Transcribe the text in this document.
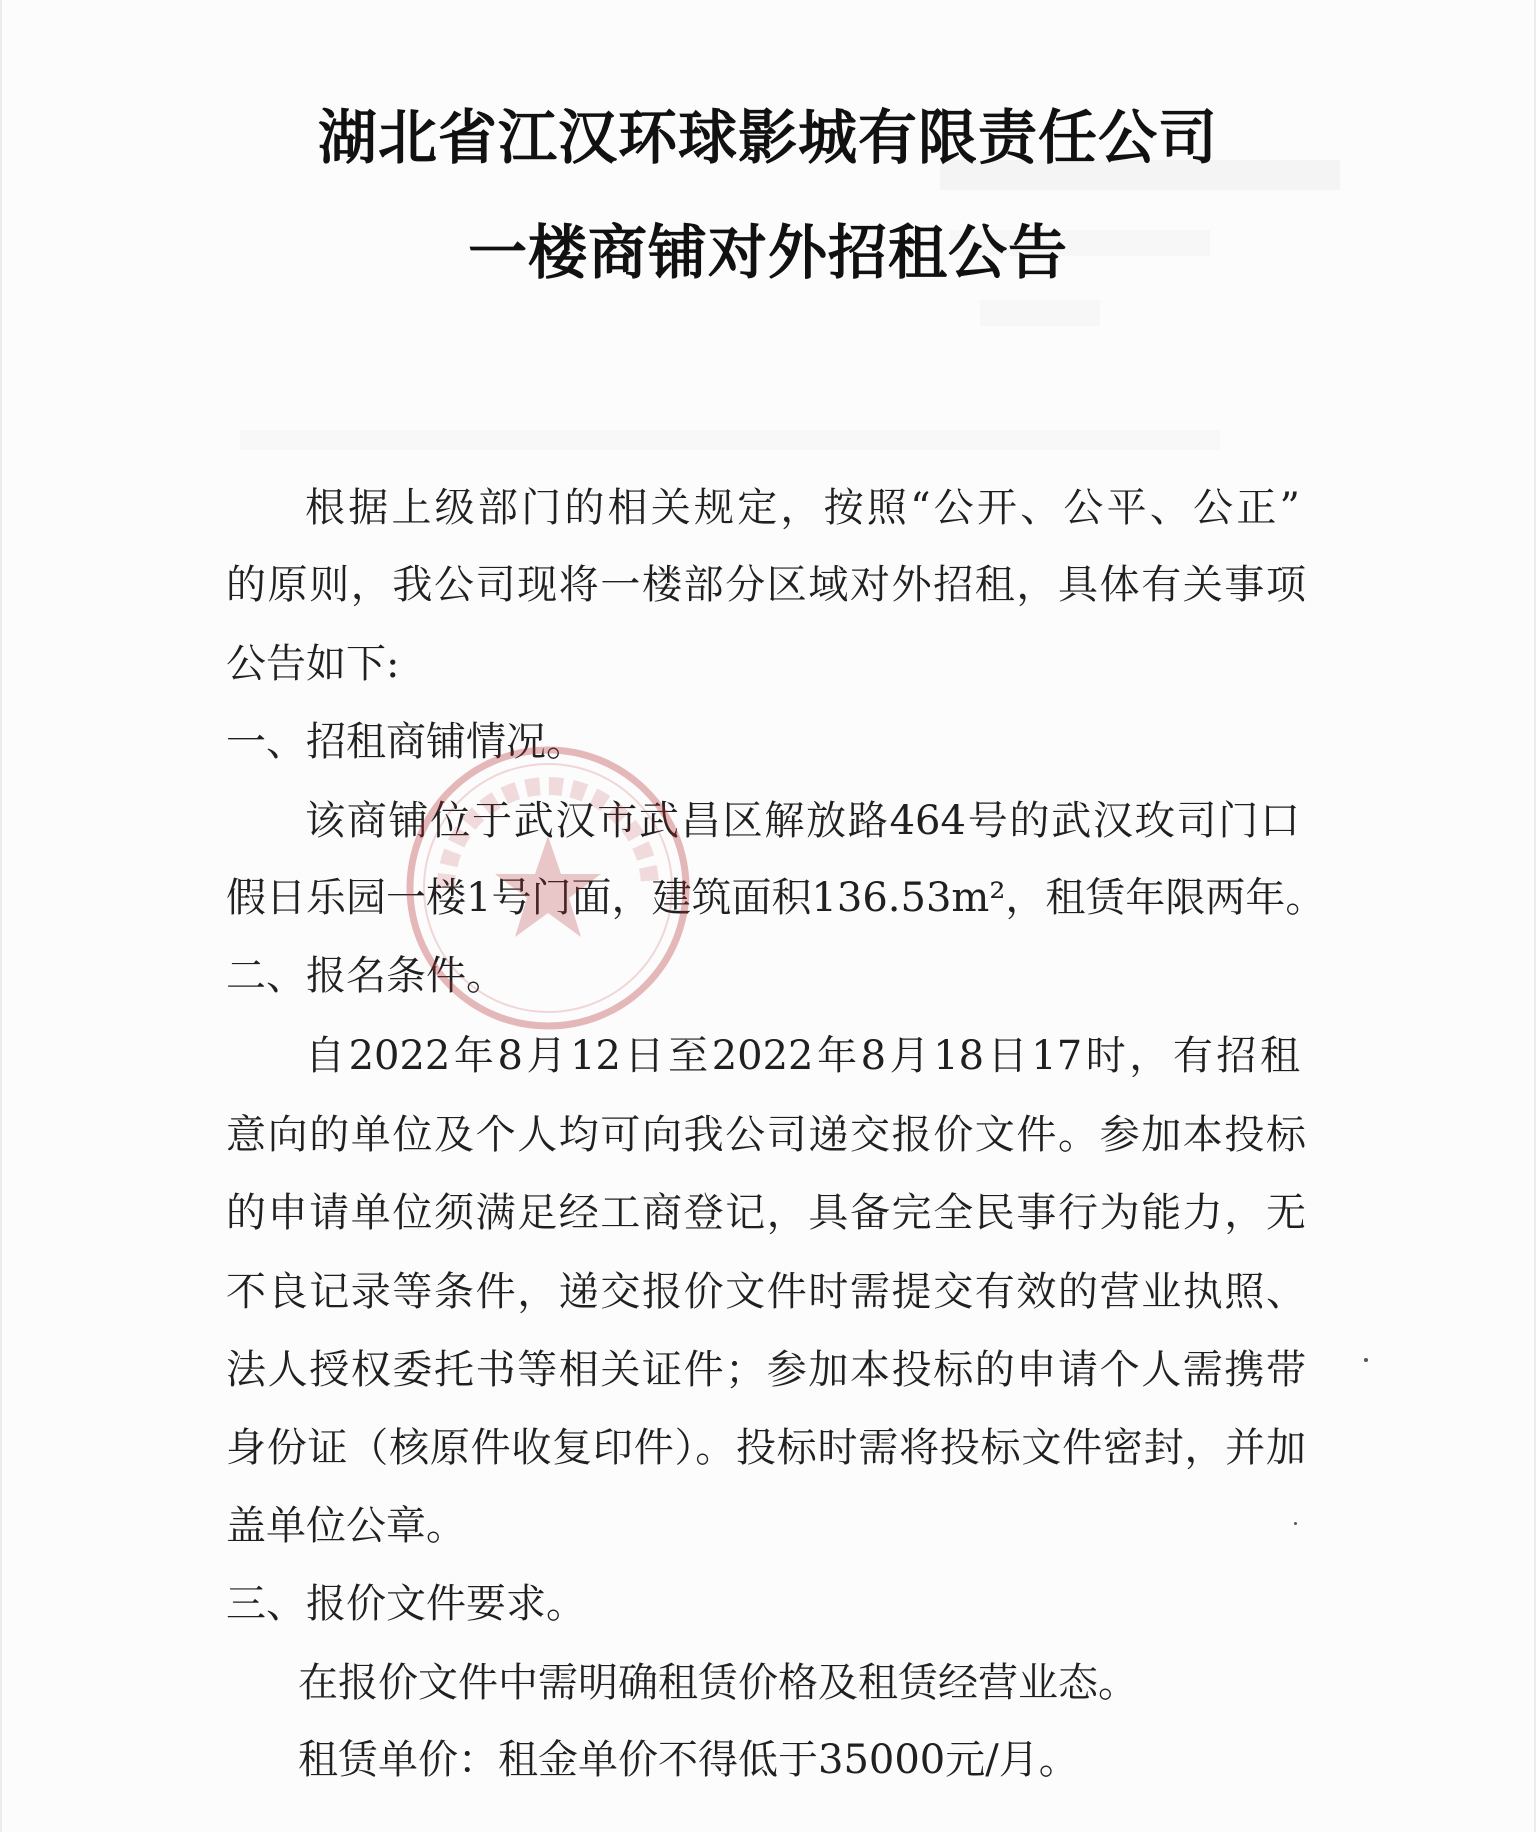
湖北省江汉环球影城有限责任公司
一楼商铺对外招租公告

根据上级部门的相关规定，按照“公开、公平、公正”

的原则，我公司现将一楼部分区域对外招租，具体有关事项

公告如下:

一、招租商铺情况。

该商铺位于武汉市武昌区解放路464号的武汉玫司门口

假日乐园一楼1号门面，建筑面积136.53m²，租赁年限两年。

二、报名条件。

自2022年8月12日至2022年8月18日17时，有招租

意向的单位及个人均可向我公司递交报价文件。参加本投标

的申请单位须满足经工商登记，具备完全民事行为能力，无

不良记录等条件，递交报价文件时需提交有效的营业执照、

法人授权委托书等相关证件；参加本投标的申请个人需携带

身份证（核原件收复印件）。投标时需将投标文件密封，并加

盖单位公章。

三、报价文件要求。

在报价文件中需明确租赁价格及租赁经营业态。

租赁单价：租金单价不得低于35000元/月。
